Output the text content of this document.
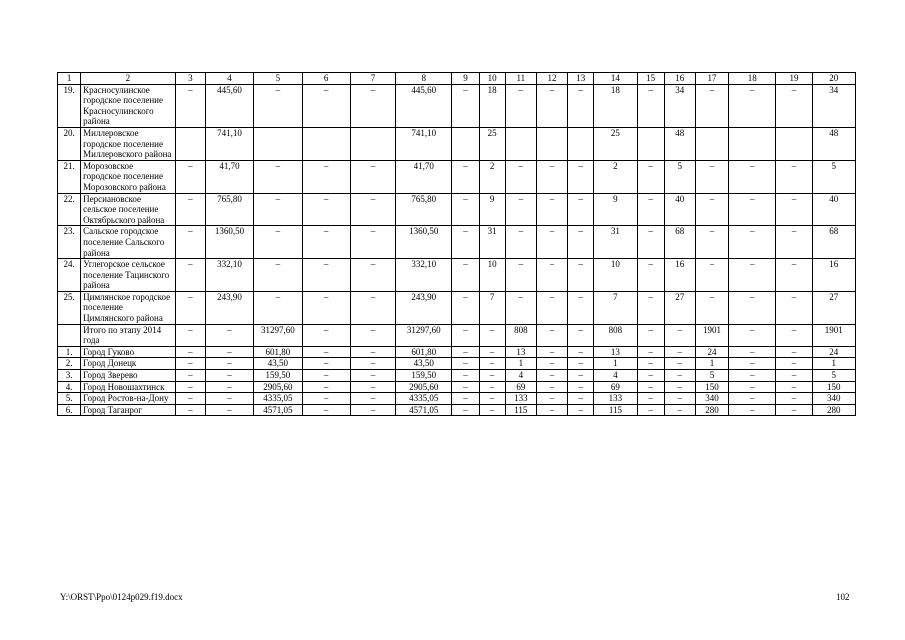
1	2	3	4	5	6	7	8	9	10	11	12	13	14	15	16	17	18	19	20
19.	Красносулинское городское поселение Красносулинского района	–	445,60	–	–	–	445,60	–	18	–	–	–	18	–	34	–	–	–	34
20.	Миллеровское городское поселение Миллеровского района		741,10				741,10		25				25		48				48
21.	Морозовское городское поселение Морозовского района	–	41,70	–	–	–	41,70	–	2	–	–	–	2	–	5	–	–	–	5
22.	Персиановское сельское поселение Октябрьского района	–	765,80	–	–	–	765,80	–	9	–	–	–	9	–	40	–	–	–	40
23.	Сальское городское поселение Сальского района	–	1360,50	–	–	–	1360,50	–	31	–	–	–	31	–	68	–	–	–	68
24.	Углегорское сельское поселение Тацинского района	–	332,10	–	–	–	332,10	–	10	–	–	–	10	–	16	–	–	–	16
25.	Цимлянское городское поселение Цимлянского района	–	243,90	–	–	–	243,90	–	7	–	–	–	7	–	27	–	–	–	27
	Итого по этапу 2014 года	–	–	31297,60	–	–	31297,60	–	–	808	–	–	808	–	–	1901	–	–	1901
1.	Город Гуково	–	–	601,80	–	–	601,80	–	–	13	–	–	13	–	–	24	–	–	24
2.	Город Донецк	–	–	43,50	–	–	43,50	–	–	1	–	–	1	–	–	1	–	–	1
3.	Город Зверево	–	–	159,50	–	–	159,50	–	–	4	–	–	4	–	–	5	–	–	5
4.	Город Новошахтинск	–	–	2905,60	–	–	2905,60	–	–	69	–	–	69	–	–	150	–	–	150
5.	Город Ростов-на-Дону	–	–	4335,05	–	–	4335,05	–	–	133	–	–	133	–	–	340	–	–	340
6.	Город Таганрог	–	–	4571,05	–	–	4571,05	–	–	115	–	–	115	–	–	280	–	–	280
Y:\ORST\Ppo\0124p029.f19.docx	102
